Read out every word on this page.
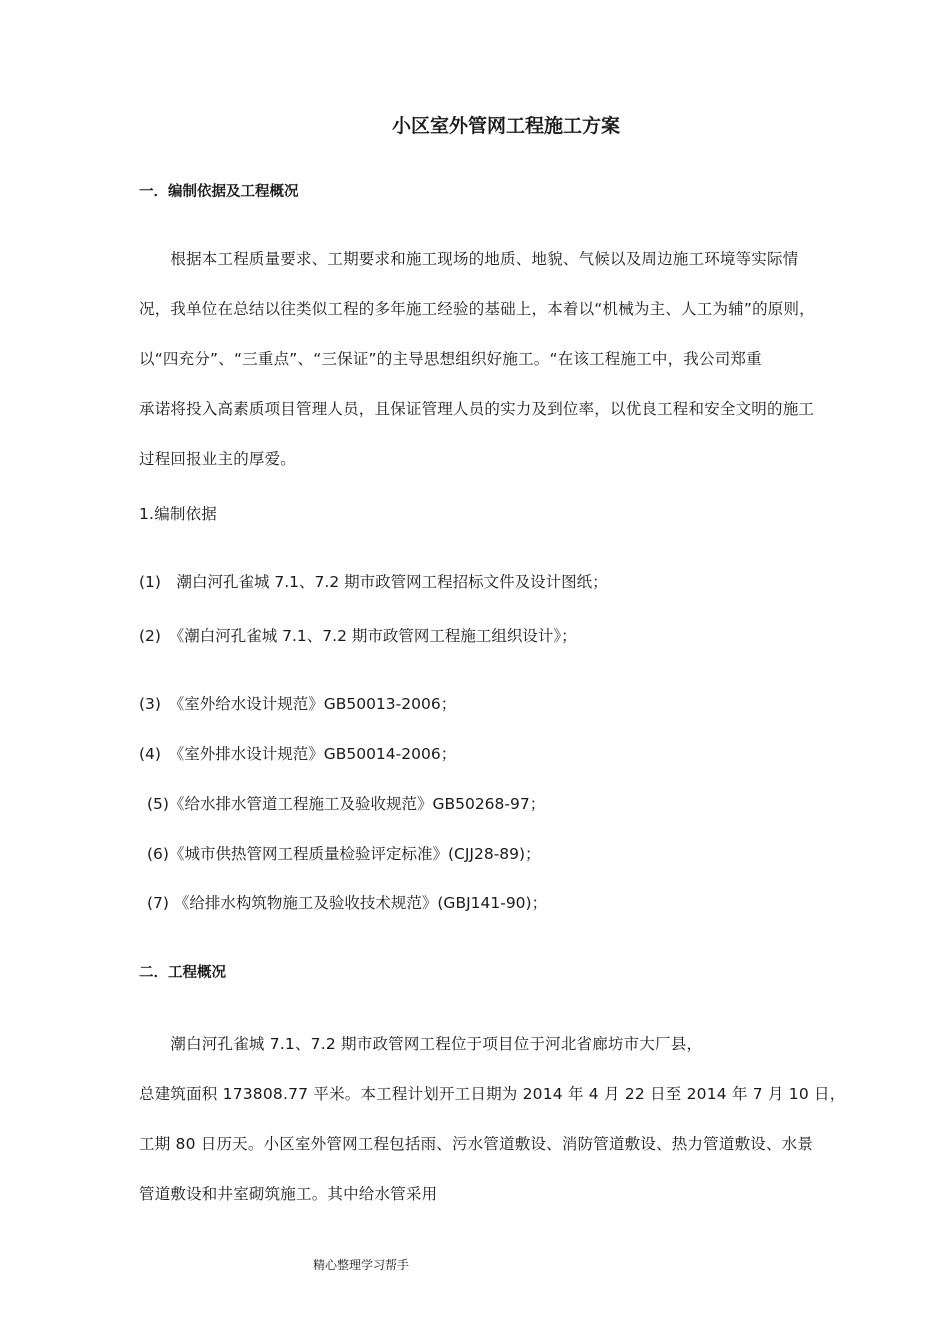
小区室外管网工程施工方案
一．编制依据及工程概况
　　根据本工程质量要求、工期要求和施工现场的地质、地貌、气候以及周边施工环境等实际情
况，我单位在总结以往类似工程的多年施工经验的基础上，本着以“机械为主、人工为辅”的原则，
以“四充分”、“三重点”、“三保证”的主导思想组织好施工。“在该工程施工中，我公司郑重
承诺将投入高素质项目管理人员，且保证管理人员的实力及到位率，以优良工程和安全文明的施工
过程回报业主的厚爱。
1.编制依据
(1)　潮白河孔雀城 7.1、7.2 期市政管网工程招标文件及设计图纸；
(2)　《潮白河孔雀城 7.1、7.2 期市政管网工程施工组织设计》；
(3)　《室外给水设计规范》GB50013-2006；
(4)　《室外排水设计规范》GB50014-2006；
(5)《给水排水管道工程施工及验收规范》GB50268-97；
(6)《城市供热管网工程质量检验评定标准》(CJJ28-89)；
(7) 《给排水构筑物施工及验收技术规范》(GBJ141-90)；
二．工程概况
　　潮白河孔雀城 7.1、7.2 期市政管网工程位于项目位于河北省廊坊市大厂县，
总建筑面积 173808.77 平米。本工程计划开工日期为 2014 年 4 月 22 日至 2014 年 7 月 10 日，
工期 80 日历天。小区室外管网工程包括雨、污水管道敷设、消防管道敷设、热力管道敷设、水景
管道敷设和井室砌筑施工。其中给水管采用
精心整理学习帮手
